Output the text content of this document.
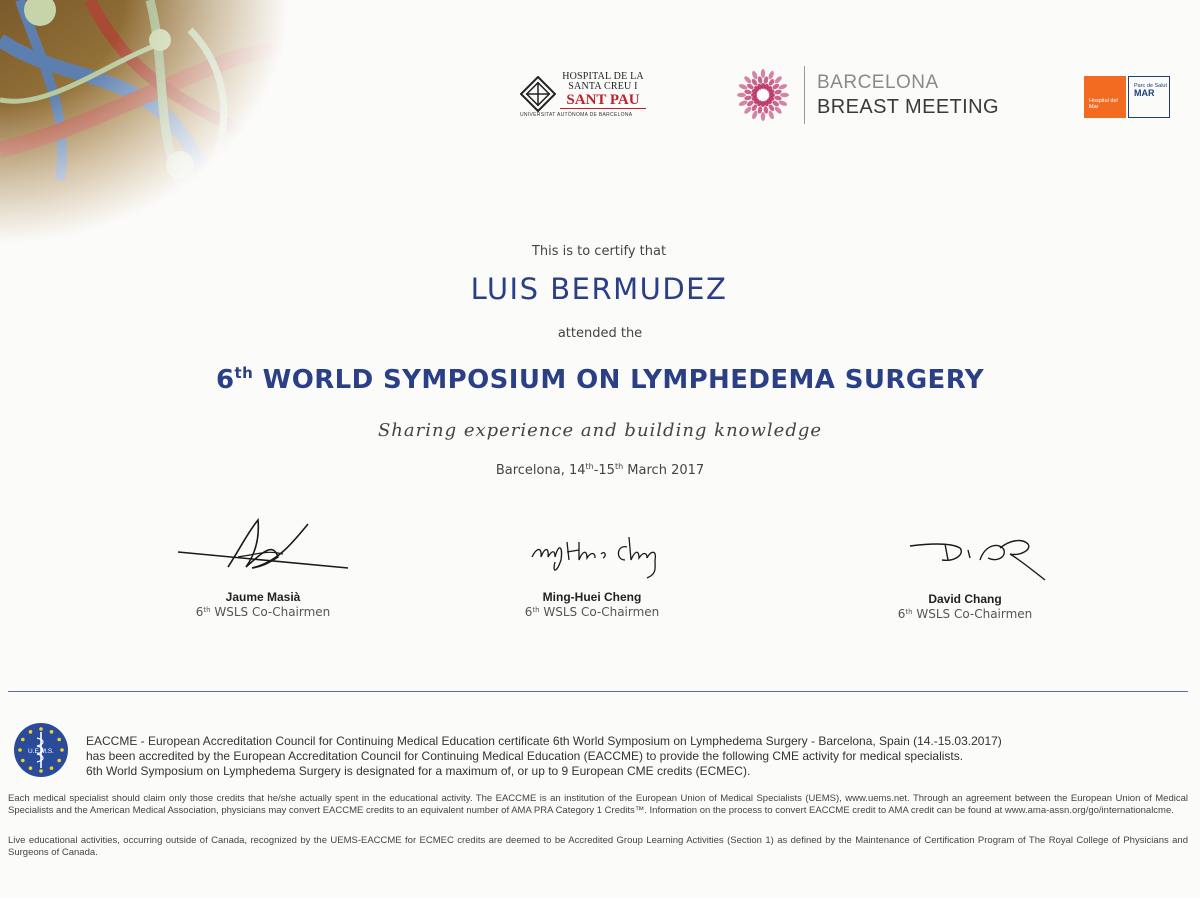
HOSPITAL DE LA
SANTA CREU I
SANT PAU
UNIVERSITAT AUTÒNOMA DE BARCELONA
BARCELONA
BREAST MEETING	Hospital del Mar
Parc de Salut
MAR
This is to certify that
LUIS BERMUDEZ
attended the
6th WORLD SYMPOSIUM ON LYMPHEDEMA SURGERY
Sharing experience and building knowledge
Barcelona, 14th-15th March 2017
Jaume Masià
6th WSLS Co-Chairmen
Ming-Huei Cheng
6th WSLS Co-Chairmen
David Chang
6th WSLS Co-Chairmen
U.E.M.S.
EACCME - European Accreditation Council for Continuing Medical Education certificate 6th World Symposium on Lymphedema Surgery - Barcelona, Spain (14.-15.03.2017)
has been accredited by the European Accreditation Council for Continuing Medical Education (EACCME) to provide the following CME activity for medical specialists.
6th World Symposium on Lymphedema Surgery is designated for a maximum of, or up to 9 European CME credits (ECMEC).
Each medical specialist should claim only those credits that he/she actually spent in the educational activity. The EACCME is an institution of the European Union of Medical Specialists (UEMS), www.uems.net. Through an agreement between the European Union of Medical Specialists and the American Medical Association, physicians may convert EACCME credits to an equivalent number of AMA PRA Category 1 Credits™. Information on the process to convert EACCME credit to AMA credit can be found at www.ama-assn.org/go/internationalcme.
Live educational activities, occurring outside of Canada, recognized by the UEMS-EACCME for ECMEC credits are deemed to be Accredited Group Learning Activities (Section 1) as defined by the Maintenance of Certification Program of The Royal College of Physicians and Surgeons of Canada.
